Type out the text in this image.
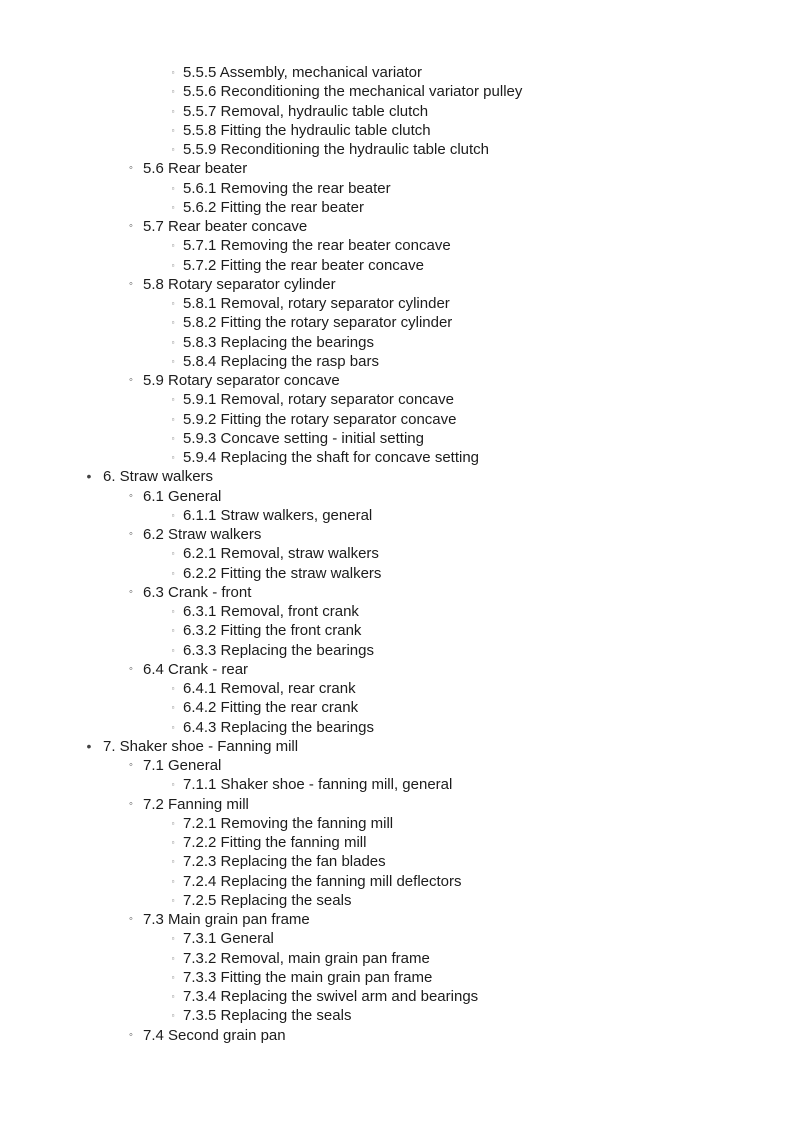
▫ 5.5.5 Assembly, mechanical variator
▫ 5.5.6 Reconditioning the mechanical variator pulley
▫ 5.5.7 Removal, hydraulic table clutch
▫ 5.5.8 Fitting the hydraulic table clutch
▫ 5.5.9 Reconditioning the hydraulic table clutch
◦ 5.6 Rear beater
▫ 5.6.1 Removing the rear beater
▫ 5.6.2 Fitting the rear beater
◦ 5.7 Rear beater concave
▫ 5.7.1 Removing the rear beater concave
▫ 5.7.2 Fitting the rear beater concave
◦ 5.8 Rotary separator cylinder
▫ 5.8.1 Removal, rotary separator cylinder
▫ 5.8.2 Fitting the rotary separator cylinder
▫ 5.8.3 Replacing the bearings
▫ 5.8.4 Replacing the rasp bars
◦ 5.9 Rotary separator concave
▫ 5.9.1 Removal, rotary separator concave
▫ 5.9.2 Fitting the rotary separator concave
▫ 5.9.3 Concave setting - initial setting
▫ 5.9.4 Replacing the shaft for concave setting
• 6. Straw walkers
◦ 6.1 General
▫ 6.1.1 Straw walkers, general
◦ 6.2 Straw walkers
▫ 6.2.1 Removal, straw walkers
▫ 6.2.2 Fitting the straw walkers
◦ 6.3 Crank - front
▫ 6.3.1 Removal, front crank
▫ 6.3.2 Fitting the front crank
▫ 6.3.3 Replacing the bearings
◦ 6.4 Crank - rear
▫ 6.4.1 Removal, rear crank
▫ 6.4.2 Fitting the rear crank
▫ 6.4.3 Replacing the bearings
• 7. Shaker shoe - Fanning mill
◦ 7.1 General
▫ 7.1.1 Shaker shoe - fanning mill, general
◦ 7.2 Fanning mill
▫ 7.2.1 Removing the fanning mill
▫ 7.2.2 Fitting the fanning mill
▫ 7.2.3 Replacing the fan blades
▫ 7.2.4 Replacing the fanning mill deflectors
▫ 7.2.5 Replacing the seals
◦ 7.3 Main grain pan frame
▫ 7.3.1 General
▫ 7.3.2 Removal, main grain pan frame
▫ 7.3.3 Fitting the main grain pan frame
▫ 7.3.4 Replacing the swivel arm and bearings
▫ 7.3.5 Replacing the seals
◦ 7.4 Second grain pan
